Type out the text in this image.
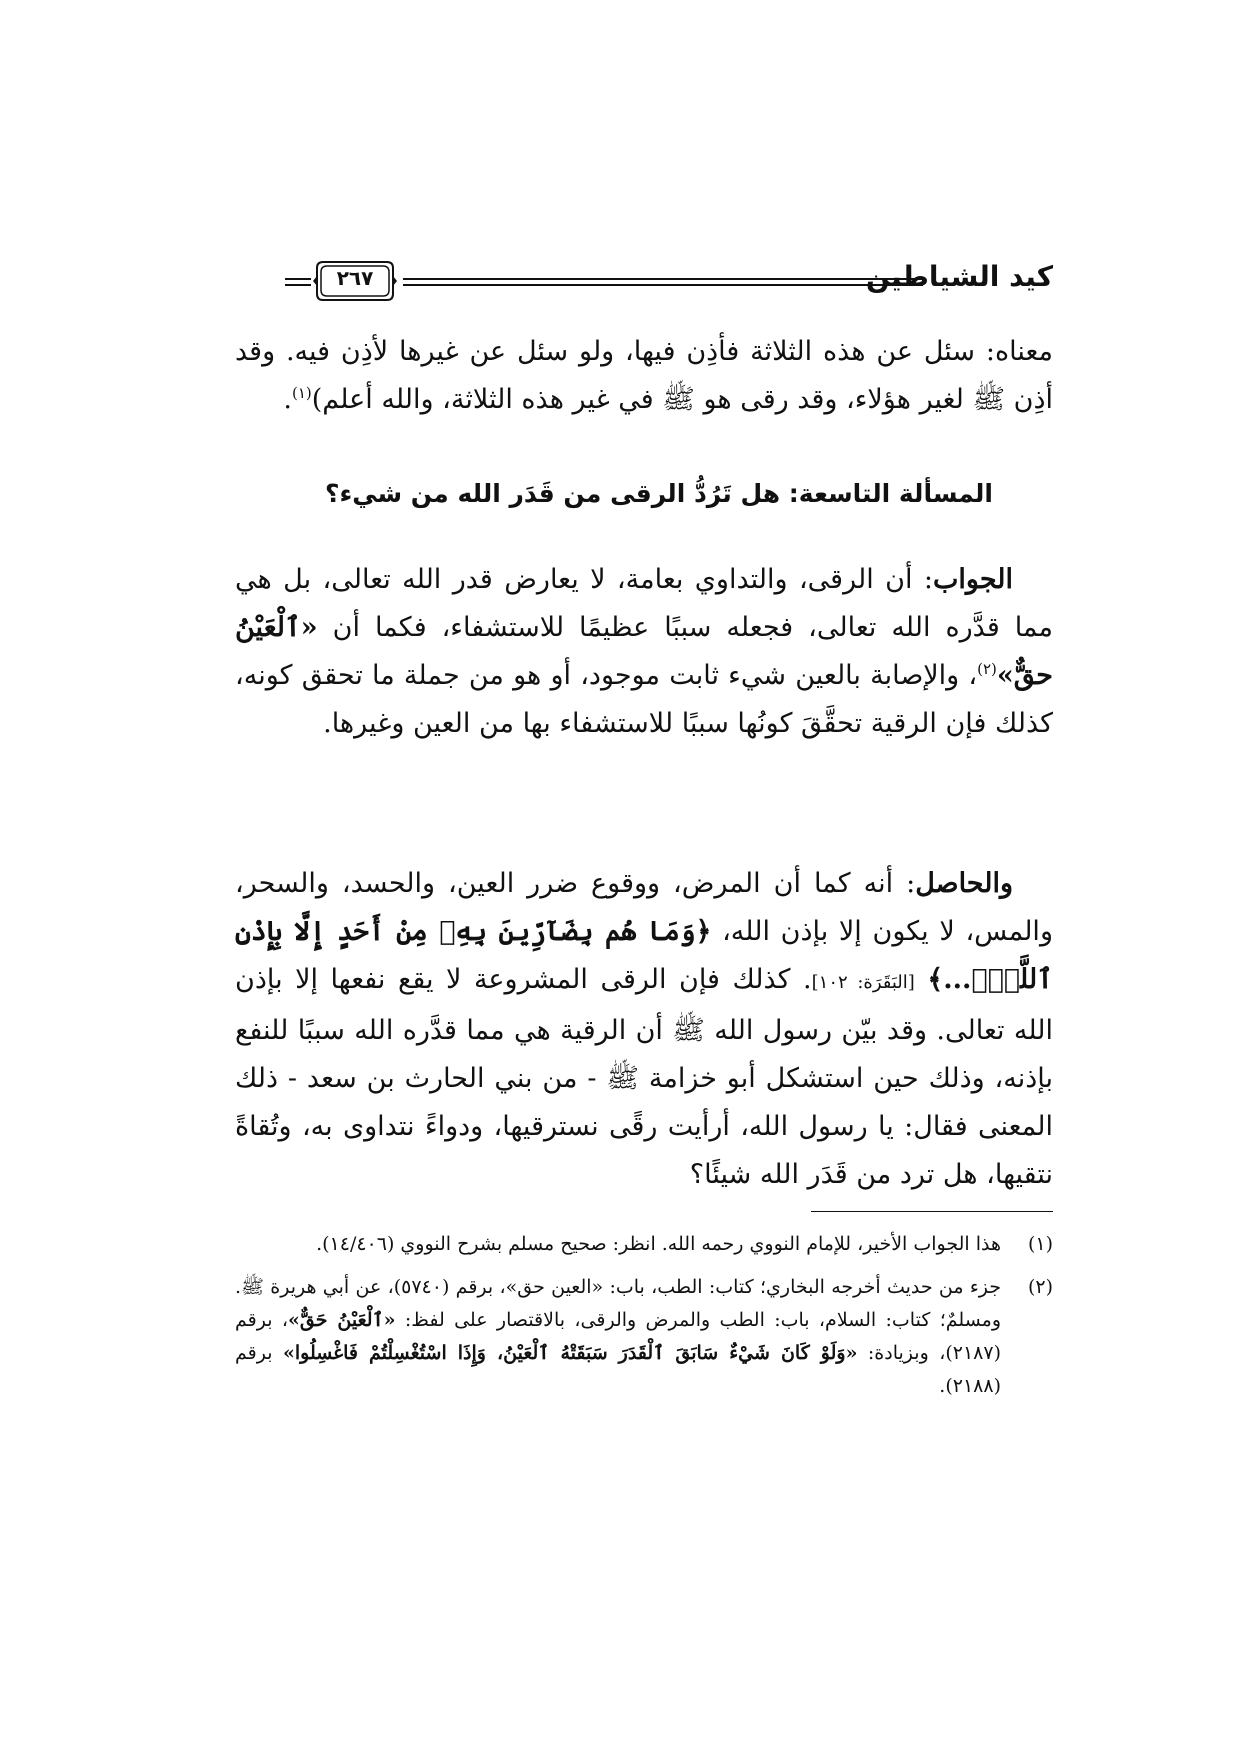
٢٦٧	كيد الشياطين
معناه: سئل عن هذه الثلاثة فأذِن فيها، ولو سئل عن غيرها لأذِن فيه. وقد أذِن ﷺ لغير هؤلاء، وقد رقى هو ﷺ في غير هذه الثلاثة، والله أعلم)$^{(١)}$.
المسألة التاسعة: هل تَرُدُّ الرقى من قَدَر الله من شيء؟
الجواب: أن الرقى، والتداوي بعامة، لا يعارض قدر الله تعالى، بل هي مما قدَّره الله تعالى، فجعله سببًا عظيمًا للاستشفاء، فكما أن «ٱلْعَيْنُ حقٌّ»$^{(٢)}$، والإصابة بالعين شيء ثابت موجود، أو هو من جملة ما تحقق كونه، كذلك فإن الرقية تحقَّقَ كونُها سببًا للاستشفاء بها من العين وغيرها.
والحاصل: أنه كما أن المرض، ووقوع ضرر العين، والحسد، والسحر، والمس، لا يكون إلا بإذن الله، ﴿وَمَا هُم بِضَآرِّينَ بِهِۦ مِنْ أَحَدٍ إِلَّا بِإِذْنِ ٱللَّهِۚ...﴾ [البَقَرَة: ١٠٢]. كذلك فإن الرقى المشروعة لا يقع نفعها إلا بإذن الله تعالى. وقد بيّن رسول الله ﷺ أن الرقية هي مما قدَّره الله سببًا للنفع بإذنه، وذلك حين استشكل أبو خزامة ﷺ - من بني الحارث بن سعد - ذلك المعنى فقال: يا رسول الله، أرأيت رقًى نسترقيها، ودواءً نتداوى به، وتُقاةً نتقيها، هل ترد من قَدَر الله شيئًا؟
(١)
هذا الجواب الأخير، للإمام النووي رحمه الله. انظر: صحيح مسلم بشرح النووي (١٤/٤٠٦).
(٢)
جزء من حديث أخرجه البخاري؛ كتاب: الطب، باب: «العين حق»، برقم (٥٧٤٠)، عن أبي هريرة ﷺ. ومسلمٌ؛ كتاب: السلام، باب: الطب والمرض والرقى، بالاقتصار على لفظ: «ٱلْعَيْنُ حَقٌّ»، برقم (٢١٨٧)، وبزيادة: «وَلَوْ كَانَ شَيْءٌ سَابَقَ ٱلْقَدَرَ سَبَقَتْهُ ٱلْعَيْنُ، وَإِذَا اسْتُغْسِلْتُمْ فَاغْسِلُوا» برقم (٢١٨٨).
